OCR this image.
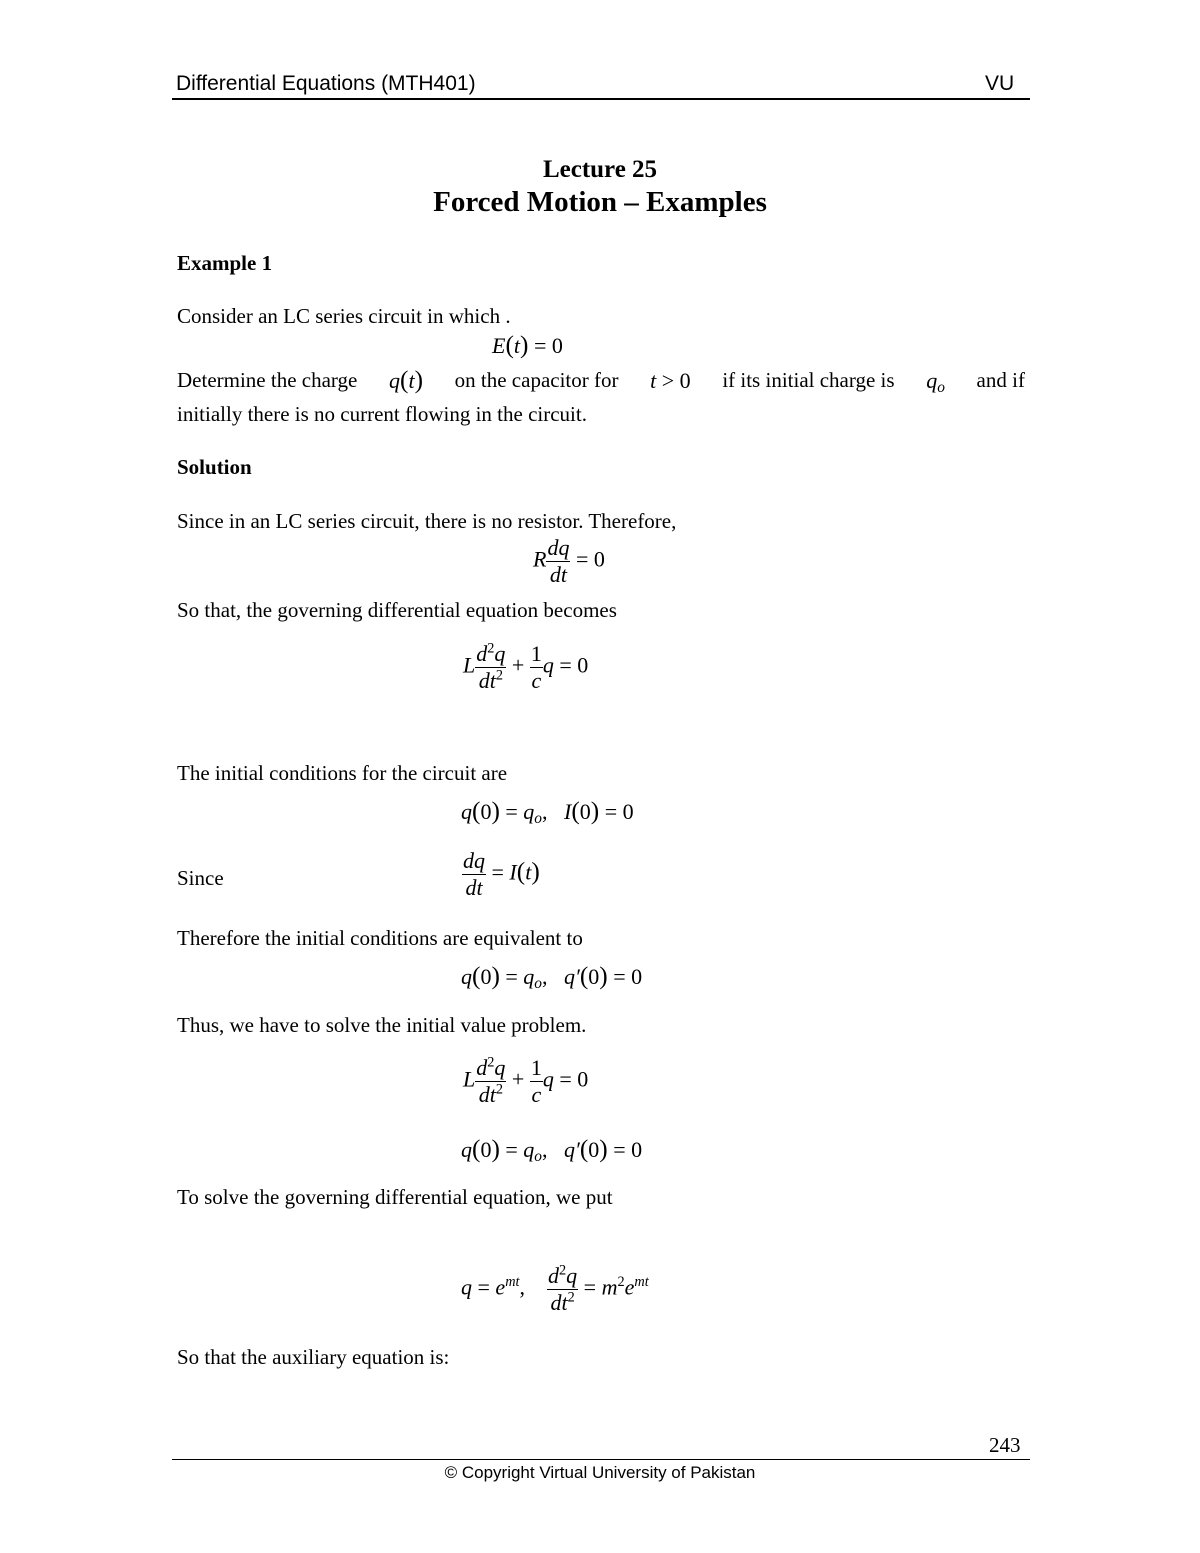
Differential Equations (MTH401)	VU
Lecture 25
Forced Motion – Examples
Example 1
Consider an LC series circuit in which .
E(t) = 0
Determine the charge q(t) on the capacitor for t > 0 if its initial charge is $q_o$ and if
initially there is no current flowing in the circuit.
Solution
Since in an LC series circuit, there is no resistor. Therefore,
R $\frac{dq}{dt} = 0$
So that, the governing differential equation becomes
L $\frac{d^2q}{dt^2} + \frac{1}{c}$ q = 0
The initial conditions for the circuit are
$q(0) = q_o$,   I(0) = 0
Since	$\frac{dq}{dt} = I(t)$
Therefore the initial conditions are equivalent to
$q(0) = q_o$,   q′(0) = 0
Thus, we have to solve the initial value problem.
L $\frac{d^2q}{dt^2} + \frac{1}{c}$ q = 0
$q(0) = q_o$,   q′(0) = 0
To solve the governing differential equation, we put
$q = e^{mt}$, $\frac{d^2q}{dt^2} = m^2e^{mt}$
So that the auxiliary equation is:
243
© Copyright Virtual University of Pakistan
